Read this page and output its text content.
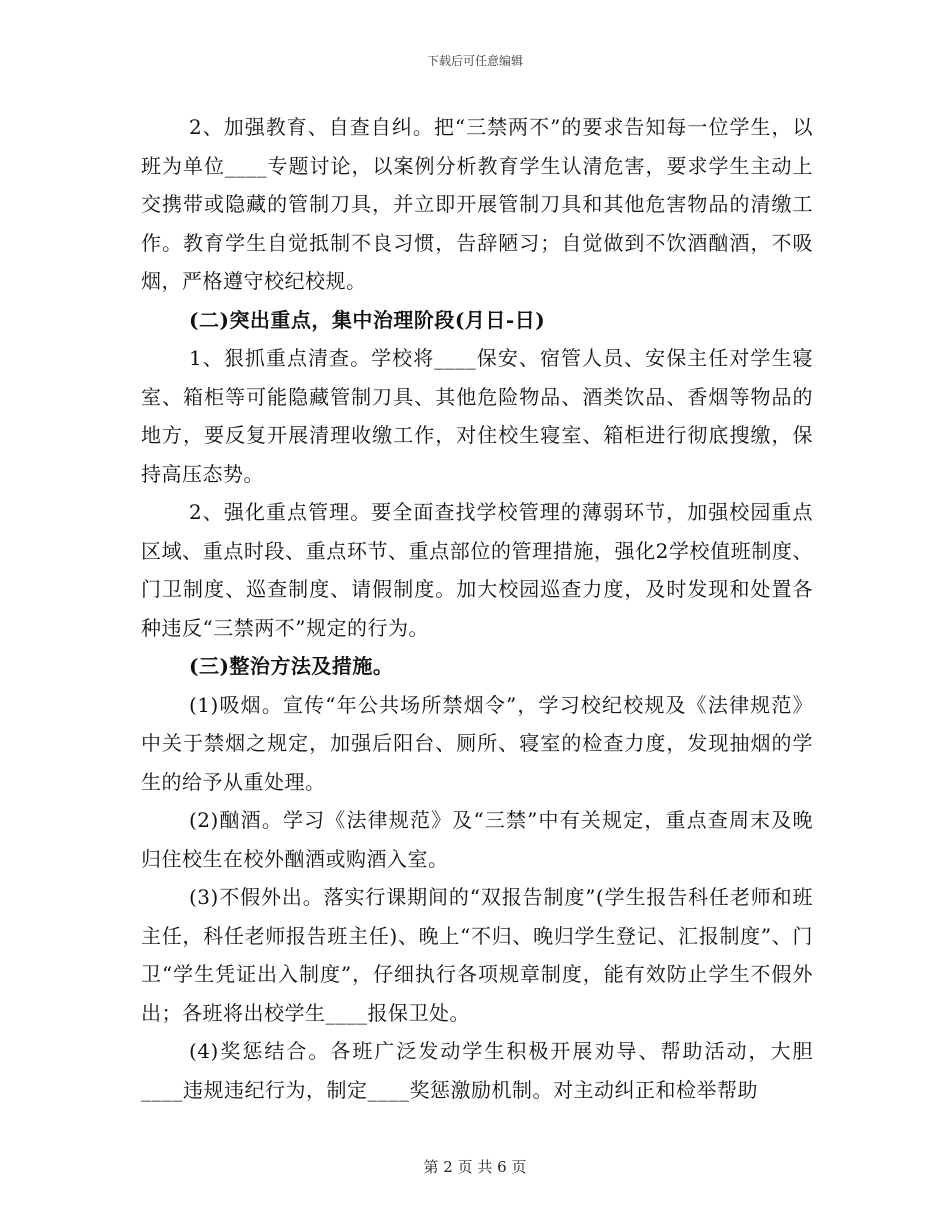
下载后可任意编辑

2、加强教育、自查自纠。把“三禁两不”的要求告知每一位学生，以班为单位____专题讨论，以案例分析教育学生认清危害，要求学生主动上交携带或隐藏的管制刀具，并立即开展管制刀具和其他危害物品的清缴工作。教育学生自觉抵制不良习惯，告辞陋习；自觉做到不饮酒酗酒，不吸烟，严格遵守校纪校规。

(二)突出重点，集中治理阶段(月日-日)

1、狠抓重点清查。学校将____保安、宿管人员、安保主任对学生寝室、箱柜等可能隐藏管制刀具、其他危险物品、酒类饮品、香烟等物品的地方，要反复开展清理收缴工作，对住校生寝室、箱柜进行彻底搜缴，保持高压态势。

2、强化重点管理。要全面查找学校管理的薄弱环节，加强校园重点区域、重点时段、重点环节、重点部位的管理措施，强化2学校值班制度、门卫制度、巡查制度、请假制度。加大校园巡查力度，及时发现和处置各种违反“三禁两不”规定的行为。

(三)整治方法及措施。

(1)吸烟。宣传“年公共场所禁烟令”，学习校纪校规及《法律规范》中关于禁烟之规定，加强后阳台、厕所、寝室的检查力度，发现抽烟的学生的给予从重处理。

(2)酗酒。学习《法律规范》及“三禁”中有关规定，重点查周末及晚归住校生在校外酗酒或购酒入室。

(3)不假外出。落实行课期间的“双报告制度”(学生报告科任老师和班主任，科任老师报告班主任)、晚上“不归、晚归学生登记、汇报制度”、门卫“学生凭证出入制度”，仔细执行各项规章制度，能有效防止学生不假外出；各班将出校学生____报保卫处。

(4)奖惩结合。各班广泛发动学生积极开展劝导、帮助活动，大胆____违规违纪行为，制定____奖惩激励机制。对主动纠正和检举帮助

第 2 页 共 6 页
